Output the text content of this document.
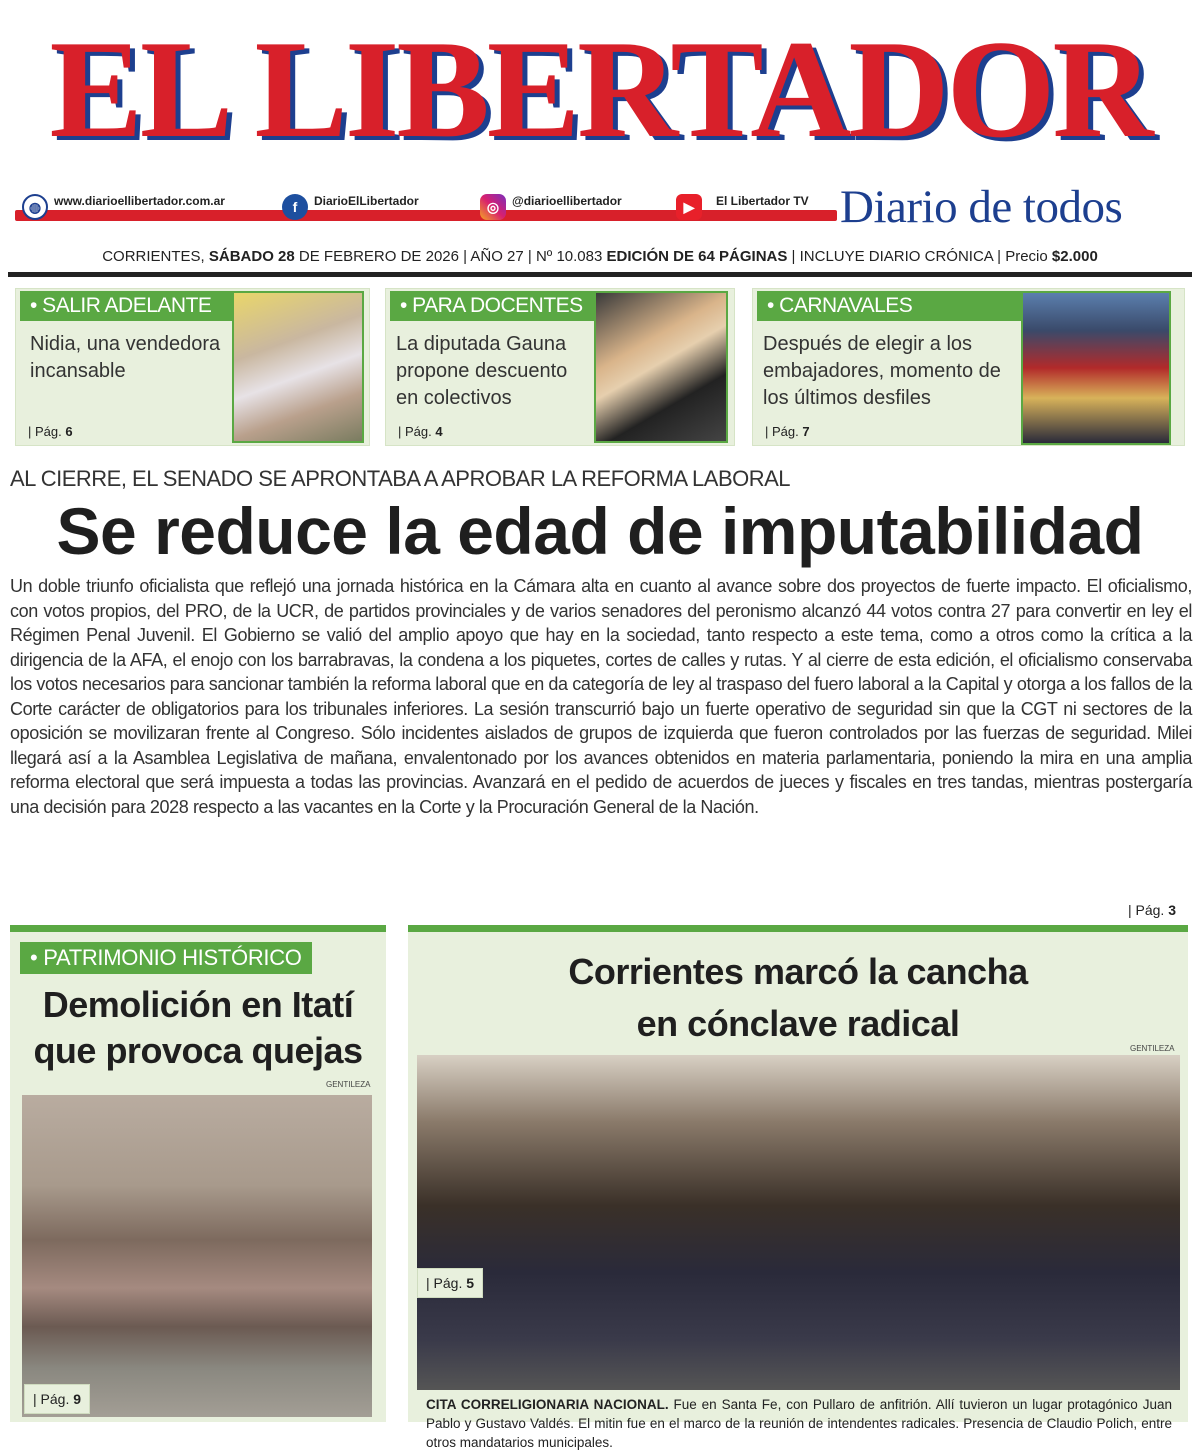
EL LIBERTADOR
◍	www.diarioellibertador.com.ar	f	DiarioElLibertador	◎	@diarioellibertador	▶	El Libertador TV Diario de todos
CORRIENTES, SÁBADO 28 DE FEBRERO DE 2026 | AÑO 27 | Nº 10.083 EDICIÓN DE 64 PÁGINAS | INCLUYE DIARIO CRÓNICA | Precio $2.000
• SALIR ADELANTE
Nidia, una vendedora incansable
| Pág. 6
• PARA DOCENTES
La diputada Gauna propone descuento en colectivos
| Pág. 4
• CARNAVALES
Después de elegir a los embajadores, momento de los últimos desfiles
| Pág. 7
AL CIERRE, EL SENADO SE APRONTABA A APROBAR LA REFORMA LABORAL
Se reduce la edad de imputabilidad
Un doble triunfo oficialista que reflejó una jornada histórica en la Cámara alta en cuanto al avance sobre dos proyectos de fuerte impacto. El oficialismo, con votos propios, del PRO, de la UCR, de partidos provinciales y de varios senadores del peronismo alcanzó 44 votos contra 27 para convertir en ley el Régimen Penal Juvenil. El Gobierno se valió del amplio apoyo que hay en la sociedad, tanto respecto a este tema, como a otros como la crítica a la dirigencia de la AFA, el enojo con los barrabravas, la condena a los piquetes, cortes de calles y rutas. Y al cierre de esta edición, el oficialismo conservaba los votos necesarios para sancionar también la reforma laboral que en da categoría de ley al traspaso del fuero laboral a la Capital y otorga a los fallos de la Corte carácter de obligatorios para los tribunales inferiores. La sesión transcurrió bajo un fuerte operativo de seguridad sin que la CGT ni sectores de la oposición se movilizaran frente al Congreso. Sólo incidentes aislados de grupos de izquierda que fueron controlados por las fuerzas de seguridad. Milei llegará así a la Asamblea Legislativa de mañana, envalentonado por los avances obtenidos en materia parlamentaria, poniendo la mira en una amplia reforma electoral que será impuesta a todas las provincias. Avanzará en el pedido de acuerdos de jueces y fiscales en tres tandas, mientras postergaría una decisión para 2028 respecto a las vacantes en la Corte y la Procuración General de la Nación.
| Pág. 3
• PATRIMONIO HISTÓRICO
Demolición en Itatí
que provoca quejas
GENTILEZA
| Pág. 9
Corrientes marcó la cancha
en cónclave radical
GENTILEZA
| Pág. 5
CITA CORRELIGIONARIA NACIONAL. Fue en Santa Fe, con Pullaro de anfitrión. Allí tuvieron un lugar protagónico Juan Pablo y Gustavo Valdés. El mitin fue en el marco de la reunión de intendentes radicales. Presencia de Claudio Polich, entre otros mandatarios municipales.
